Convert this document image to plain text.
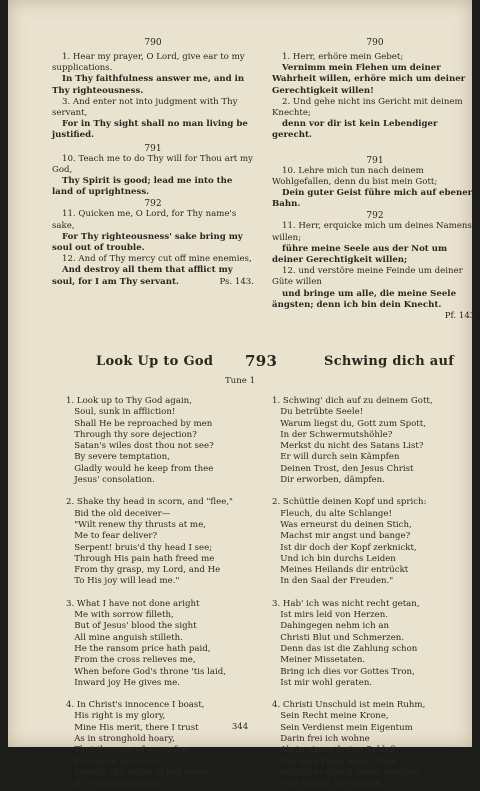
790

1. Hear my prayer, O Lord, give ear to my supplications.

In Thy faithfulness answer me, and in Thy righteousness.

3. And enter not into judgment with Thy servant,

For in Thy sight shall no man living be justified.

791

10. Teach me to do Thy will for Thou art my God,

Thy Spirit is good; lead me into the land of uprightness.

792

11. Quicken me, O Lord, for Thy name's sake,

For Thy righteousness' sake bring my soul out of trouble.

12. And of Thy mercy cut off mine enemies,

And destroy all them that afflict my soul, for I am Thy servant.	Ps. 143.

790

1. Herr, erhöre mein Gebet;

Vernimm mein Flehen um deiner Wahrheit willen, erhöre mich um deiner Gerechtigkeit willen!

2. Und gehe nicht ins Gericht mit deinem Knechte;

denn vor dir ist kein Lebendiger gerecht.

791

10. Lehre mich tun nach deinem Wohlgefallen, denn du bist mein Gott;

Dein guter Geist führe mich auf ebener Bahn.

792

11. Herr, erquicke mich um deines Namens willen;

führe meine Seele aus der Not um deiner Gerechtigkeit willen;

12. und verstöre meine Feinde um deiner Güte willen

und bringe um alle, die meine Seele ängsten; denn ich bin dein Knecht.
Pf. 143.

Look Up to God 793	Schwing dich auf
Tune 1

1. Look up to Thy God again,
Soul, sunk in affliction!
Shall He be reproached by men
Through thy sore dejection?
Satan's wiles dost thou not see?
By severe temptation,
Gladly would he keep from thee
Jesus' consolation.

2. Shake thy head in scorn, and "flee,"
Bid the old deceiver—
"Wilt renew thy thrusts at me,
Me to fear deliver?
Serpent! bruis'd thy head I see;
Through His pain hath freed me
From thy grasp, my Lord, and He
To His joy will lead me."

3. What I have not done aright
Me with sorrow filleth,
But of Jesus' blood the sight
All mine anguish stilleth.
He the ransom price hath paid,
From the cross relieves me,
When before God's throne 'tis laid,
Inward joy He gives me.

4. In Christ's innocence I boast,
His right is my glory,
Mine His merit, there I trust
As in stronghold hoary,
That the rage of every foe
Evermore resisteth,
Though the might of hell below
It to storm assisteth.

1. Schwing' dich auf zu deinem Gott,
Du betrübte Seele!
Warum liegst du, Gott zum Spott,
In der Schwermutshöhle?
Merkst du nicht des Satans List?
Er will durch sein Kämpfen
Deinen Trost, den Jesus Christ
Dir erworben, dämpfen.

2. Schüttle deinen Kopf und sprich:
Fleuch, du alte Schlange!
Was erneurst du deinen Stich,
Machst mir angst und bange?
Ist dir doch der Kopf zerknickt,
Und ich bin durchs Leiden
Meines Heilands dir entrückt
In den Saal der Freuden."

3. Hab' ich was nicht recht getan,
Ist mirs leid von Herzen.
Dahingegen nehm ich an
Christi Blut und Schmerzen.
Denn das ist die Zahlung schon
Meiner Missetaten.
Bring ich dies vor Gottes Tron,
Ist mir wohl geraten.

4. Christi Unschuld ist mein Ruhm,
Sein Recht meine Krone,
Sein Verdienst mein Eigentum
Darin frei ich wohne
Als in einem festen Schloß,
Das kein Feind kann fällen,
Brächt' er gleich davor Geschoß
Und Gewalt der Höllen.

344
